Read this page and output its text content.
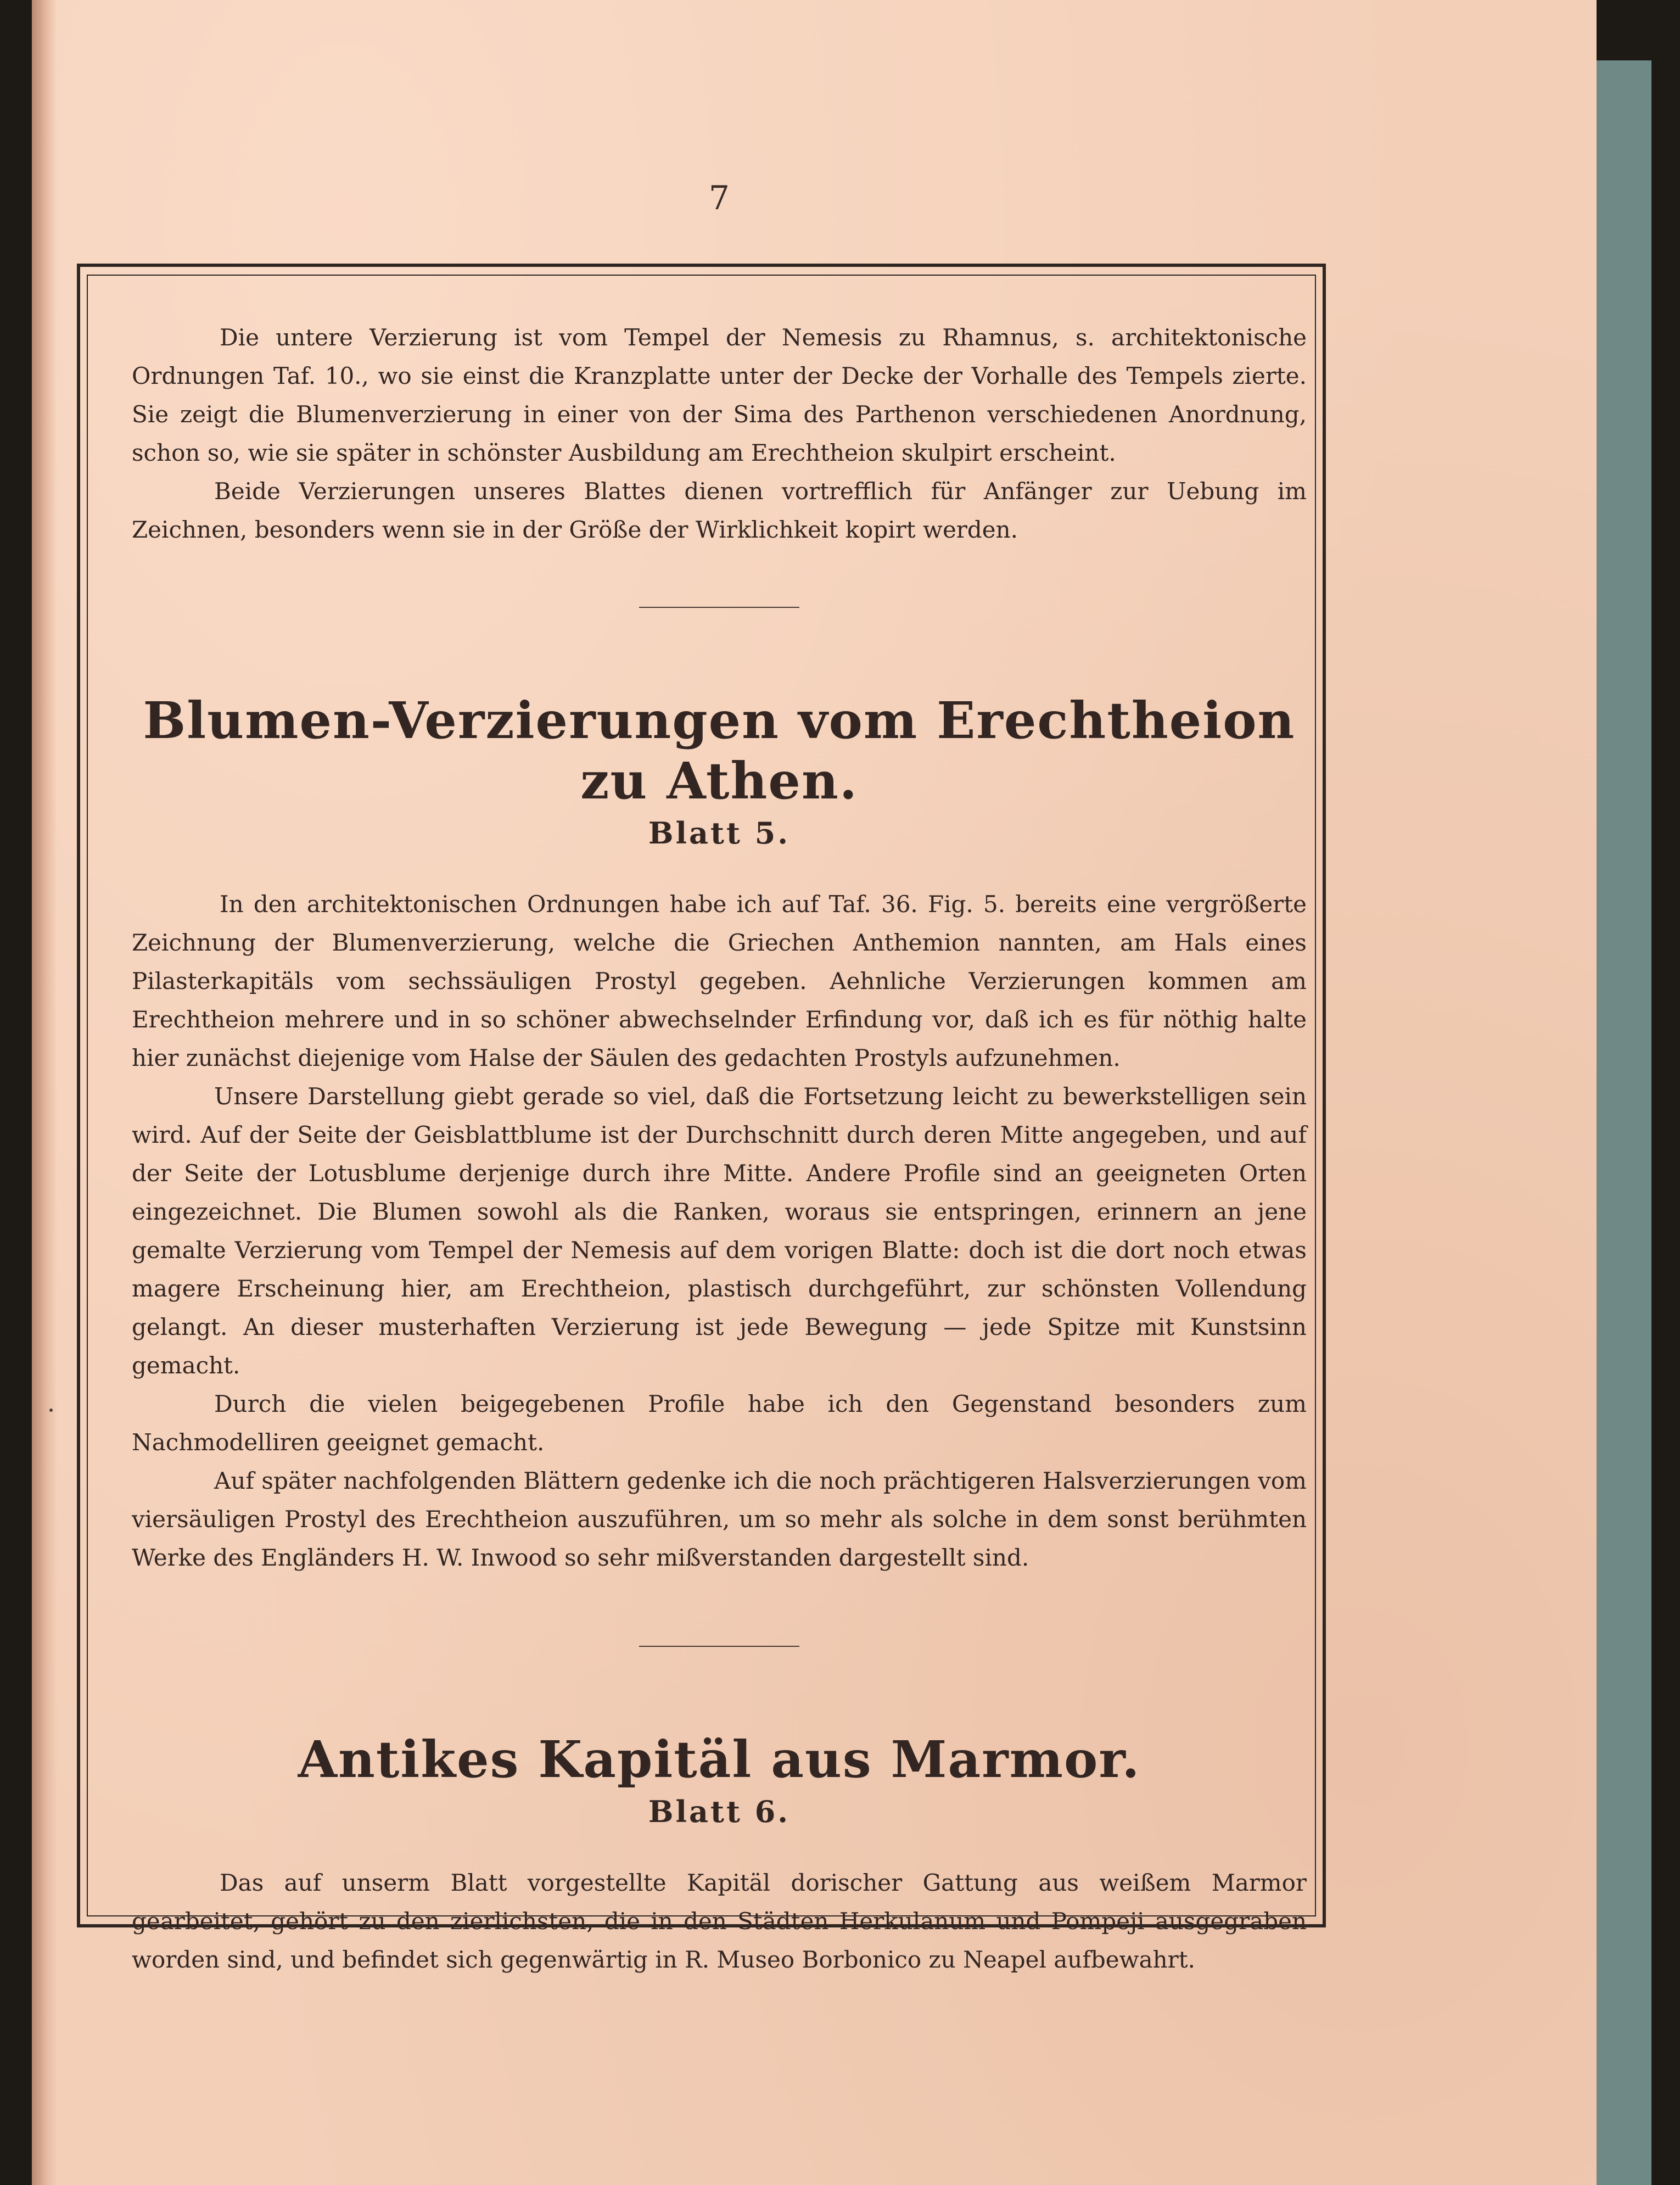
7

Die untere Verzierung ist vom Tempel der Nemesis zu Rhamnus, s. architektonische Ordnungen Taf. 10., wo sie einst die Kranzplatte unter der Decke der Vorhalle des Tempels zierte. Sie zeigt die Blumenverzierung in einer von der Sima des Parthenon verschiedenen Anordnung, schon so, wie sie später in schönster Ausbildung am Erechtheion skulpirt erscheint.

Beide Verzierungen unseres Blattes dienen vortrefflich für Anfänger zur Uebung im Zeichnen, besonders wenn sie in der Größe der Wirklichkeit kopirt werden.

Blumen-Verzierungen vom Erechtheion zu Athen.
Blatt 5.

In den architektonischen Ordnungen habe ich auf Taf. 36. Fig. 5. bereits eine vergrößerte Zeichnung der Blumenverzierung, welche die Griechen Anthemion nannten, am Hals eines Pilasterkapitäls vom sechssäuligen Prostyl gegeben. Aehnliche Verzierungen kommen am Erechtheion mehrere und in so schöner abwechselnder Erfindung vor, daß ich es für nöthig halte hier zunächst diejenige vom Halse der Säulen des gedachten Prostyls aufzunehmen.

Unsere Darstellung giebt gerade so viel, daß die Fortsetzung leicht zu bewerkstelligen sein wird. Auf der Seite der Geisblattblume ist der Durchschnitt durch deren Mitte angegeben, und auf der Seite der Lotusblume derjenige durch ihre Mitte. Andere Profile sind an geeigneten Orten eingezeichnet. Die Blumen sowohl als die Ranken, woraus sie entspringen, erinnern an jene gemalte Verzierung vom Tempel der Nemesis auf dem vorigen Blatte: doch ist die dort noch etwas magere Erscheinung hier, am Erechtheion, plastisch durchgeführt, zur schönsten Vollendung gelangt. An dieser musterhaften Verzierung ist jede Bewegung — jede Spitze mit Kunstsinn gemacht.

Durch die vielen beigegebenen Profile habe ich den Gegenstand besonders zum Nachmodelliren geeignet gemacht.

Auf später nachfolgenden Blättern gedenke ich die noch prächtigeren Halsverzierungen vom viersäuligen Prostyl des Erechtheion auszuführen, um so mehr als solche in dem sonst berühmten Werke des Engländers H. W. Inwood so sehr mißverstanden dargestellt sind.

Antikes Kapitäl aus Marmor.
Blatt 6.

Das auf unserm Blatt vorgestellte Kapitäl dorischer Gattung aus weißem Marmor gearbeitet, gehört zu den zierlichsten, die in den Städten Herkulanum und Pompeji ausgegraben worden sind, und befindet sich gegenwärtig in R. Museo Borbonico zu Neapel aufbewahrt.
